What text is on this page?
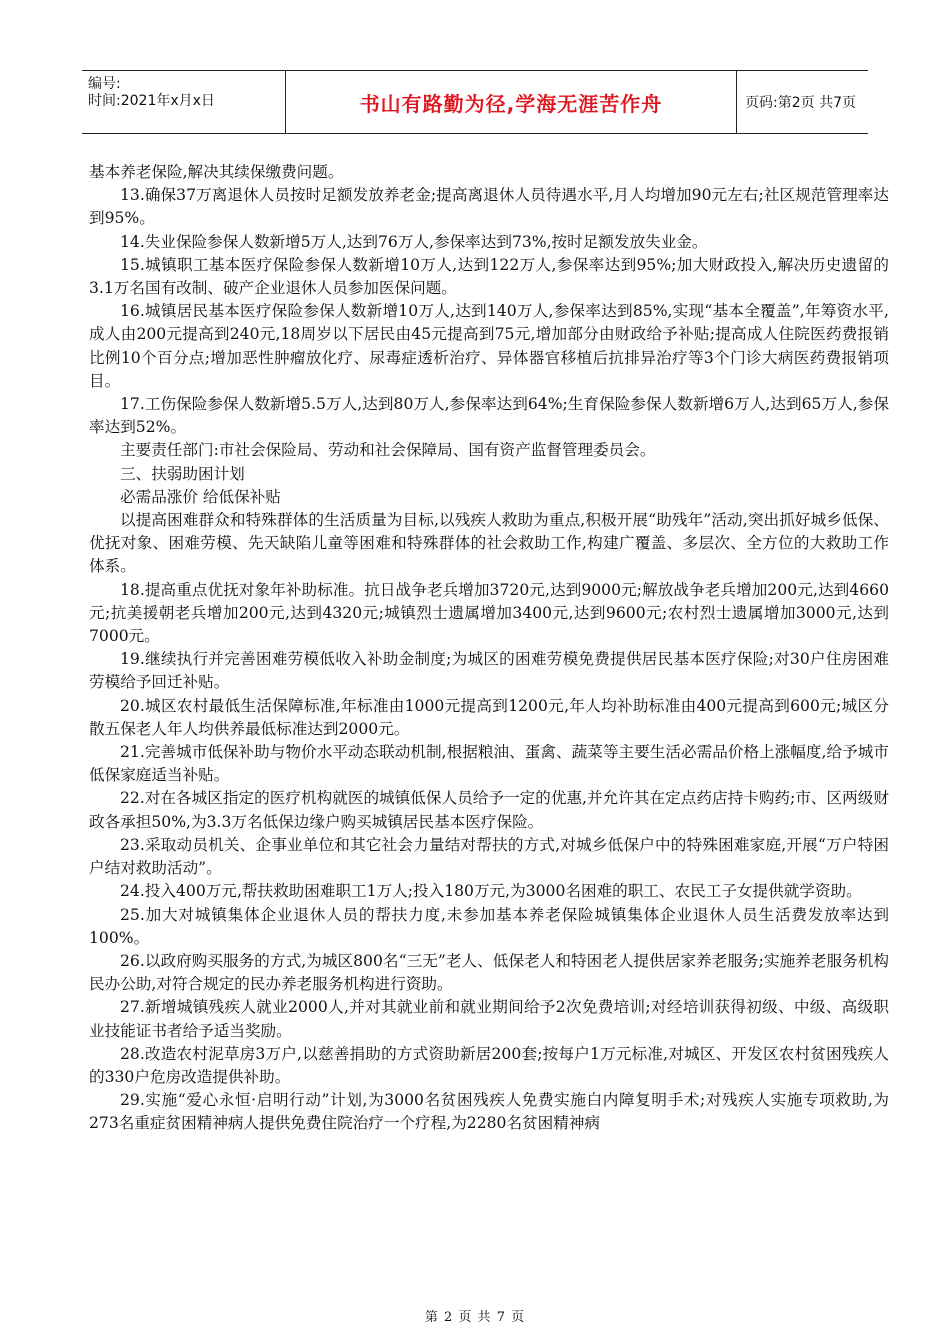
编号:
时间:2021年x月x日	书山有路勤为径,学海无涯苦作舟	页码:第2页 共7页

基本养老保险,解决其续保缴费问题。

13.确保37万离退休人员按时足额发放养老金;提高离退休人员待遇水平,月人均增加90元左右;社区规范管理率达到95%。

14.失业保险参保人数新增5万人,达到76万人,参保率达到73%,按时足额发放失业金。

15.城镇职工基本医疗保险参保人数新增10万人,达到122万人,参保率达到95%;加大财政投入,解决历史遗留的3.1万名国有改制、破产企业退休人员参加医保问题。

16.城镇居民基本医疗保险参保人数新增10万人,达到140万人,参保率达到85%,实现“基本全覆盖”,年筹资水平,成人由200元提高到240元,18周岁以下居民由45元提高到75元,增加部分由财政给予补贴;提高成人住院医药费报销比例10个百分点;增加恶性肿瘤放化疗、尿毒症透析治疗、异体器官移植后抗排异治疗等3个门诊大病医药费报销项目。

17.工伤保险参保人数新增5.5万人,达到80万人,参保率达到64%;生育保险参保人数新增6万人,达到65万人,参保率达到52%。

主要责任部门:市社会保险局、劳动和社会保障局、国有资产监督管理委员会。

三、扶弱助困计划

必需品涨价 给低保补贴

以提高困难群众和特殊群体的生活质量为目标,以残疾人救助为重点,积极开展“助残年”活动,突出抓好城乡低保、优抚对象、困难劳模、先天缺陷儿童等困难和特殊群体的社会救助工作,构建广覆盖、多层次、全方位的大救助工作体系。

18.提高重点优抚对象年补助标准。抗日战争老兵增加3720元,达到9000元;解放战争老兵增加200元,达到4660元;抗美援朝老兵增加200元,达到4320元;城镇烈士遗属增加3400元,达到9600元;农村烈士遗属增加3000元,达到7000元。

19.继续执行并完善困难劳模低收入补助金制度;为城区的困难劳模免费提供居民基本医疗保险;对30户住房困难劳模给予回迁补贴。

20.城区农村最低生活保障标准,年标准由1000元提高到1200元,年人均补助标准由400元提高到600元;城区分散五保老人年人均供养最低标准达到2000元。

21.完善城市低保补助与物价水平动态联动机制,根据粮油、蛋禽、蔬菜等主要生活必需品价格上涨幅度,给予城市低保家庭适当补贴。

22.对在各城区指定的医疗机构就医的城镇低保人员给予一定的优惠,并允许其在定点药店持卡购药;市、区两级财政各承担50%,为3.3万名低保边缘户购买城镇居民基本医疗保险。

23.采取动员机关、企事业单位和其它社会力量结对帮扶的方式,对城乡低保户中的特殊困难家庭,开展“万户特困户结对救助活动”。

24.投入400万元,帮扶救助困难职工1万人;投入180万元,为3000名困难的职工、农民工子女提供就学资助。

25.加大对城镇集体企业退休人员的帮扶力度,未参加基本养老保险城镇集体企业退休人员生活费发放率达到100%。

26.以政府购买服务的方式,为城区800名“三无”老人、低保老人和特困老人提供居家养老服务;实施养老服务机构民办公助,对符合规定的民办养老服务机构进行资助。

27.新增城镇残疾人就业2000人,并对其就业前和就业期间给予2次免费培训;对经培训获得初级、中级、高级职业技能证书者给予适当奖励。

28.改造农村泥草房3万户,以慈善捐助的方式资助新居200套;按每户1万元标准,对城区、开发区农村贫困残疾人的330户危房改造提供补助。

29.实施“爱心永恒·启明行动”计划,为3000名贫困残疾人免费实施白内障复明手术;对残疾人实施专项救助,为273名重症贫困精神病人提供免费住院治疗一个疗程,为2280名贫困精神病

第 2 页 共 7 页
